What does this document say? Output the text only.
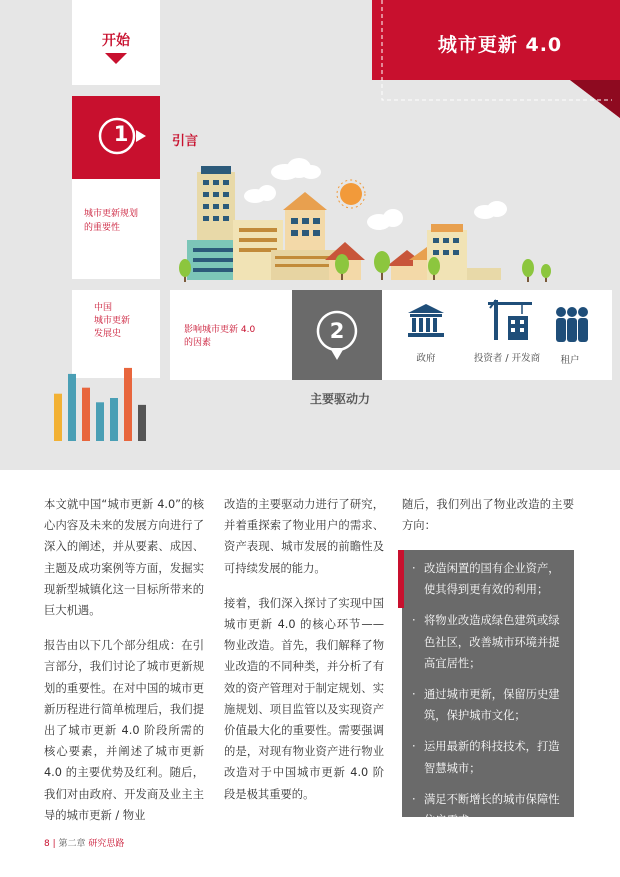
开始	城市更新 4.0
1	引言
城市更新规划
的重要性
中国
城市更新
发展史	影响城市更新 4.0
的因素	2
主要驱动力
政府	投资者 / 开发商	租户

本文就中国“城市更新 4.0”的核心内容及未来的发展方向进行了深入的阐述，并从要素、成因、主题及成功案例等方面，发掘实现新型城镇化这一目标所带来的巨大机遇。

报告由以下几个部分组成：在引言部分，我们讨论了城市更新规划的重要性。在对中国的城市更新历程进行简单梳理后，我们提出了城市更新 4.0 阶段所需的核心要素，并阐述了城市更新 4.0 的主要优势及红利。随后，我们对由政府、开发商及业主主导的城市更新 / 物业

改造的主要驱动力进行了研究，并着重探索了物业用户的需求、资产表现、城市发展的前瞻性及可持续发展的能力。

接着，我们深入探讨了实现中国城市更新 4.0 的核心环节——物业改造。首先，我们解释了物业改造的不同种类，并分析了有效的资产管理对于制定规划、实施规划、项目监管以及实现资产价值最大化的重要性。需要强调的是，对现有物业资产进行物业改造对于中国城市更新 4.0 阶段是极其重要的。

随后，我们列出了物业改造的主要方向：

· 改造闲置的国有企业资产，使其得到更有效的利用；
· 将物业改造成绿色建筑或绿色社区，改善城市环境并提高宜居性；
· 通过城市更新，保留历史建筑，保护城市文化；
· 运用最新的科技技术，打造智慧城市；
· 满足不断增长的城市保障性住房需求。
8 | 第二章 研究思路
